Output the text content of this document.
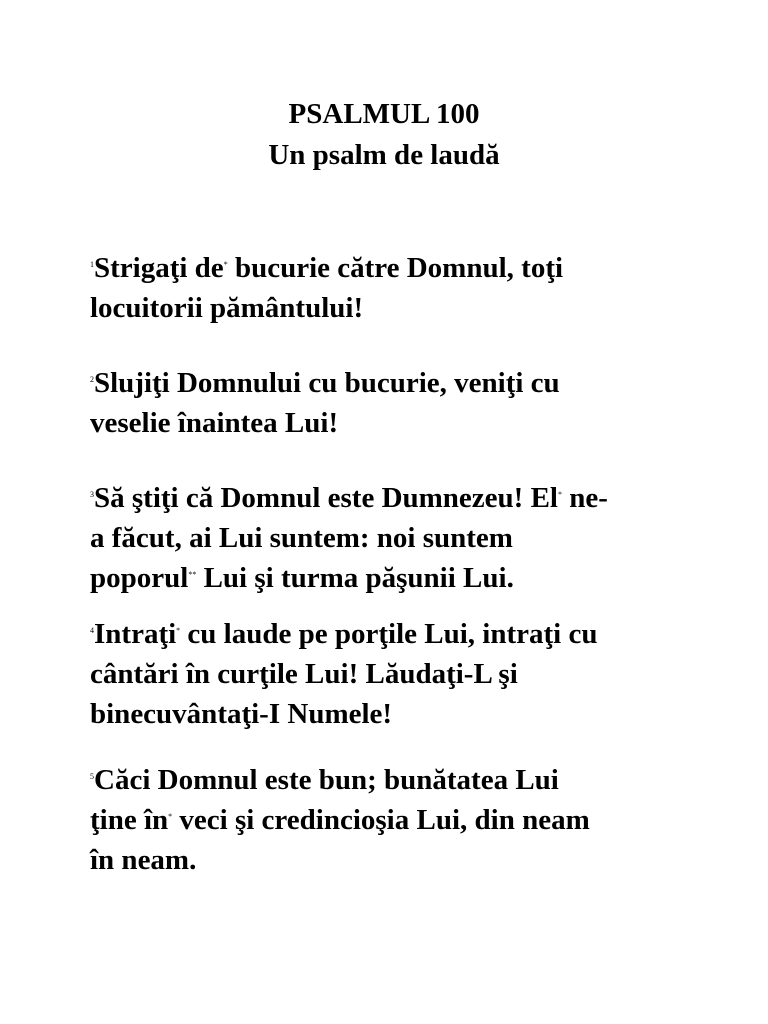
PSALMUL 100
Un psalm de laudă
$^1$Strigaţi de* bucurie către Domnul, toţi
locuitorii pământului!
$^2$Slujiţi Domnului cu bucurie, veniţi cu
veselie înaintea Lui!
$^3$Să ştiţi că Domnul este Dumnezeu! El* ne-
a făcut, ai Lui suntem: noi suntem
poporul** Lui şi turma păşunii Lui.
$^4$Intraţi* cu laude pe porţile Lui, intraţi cu
cântări în curţile Lui! Lăudaţi-L şi
binecuvântaţi-I Numele!
$^5$Căci Domnul este bun; bunătatea Lui
ţine în* veci şi credincioşia Lui, din neam
în neam.
